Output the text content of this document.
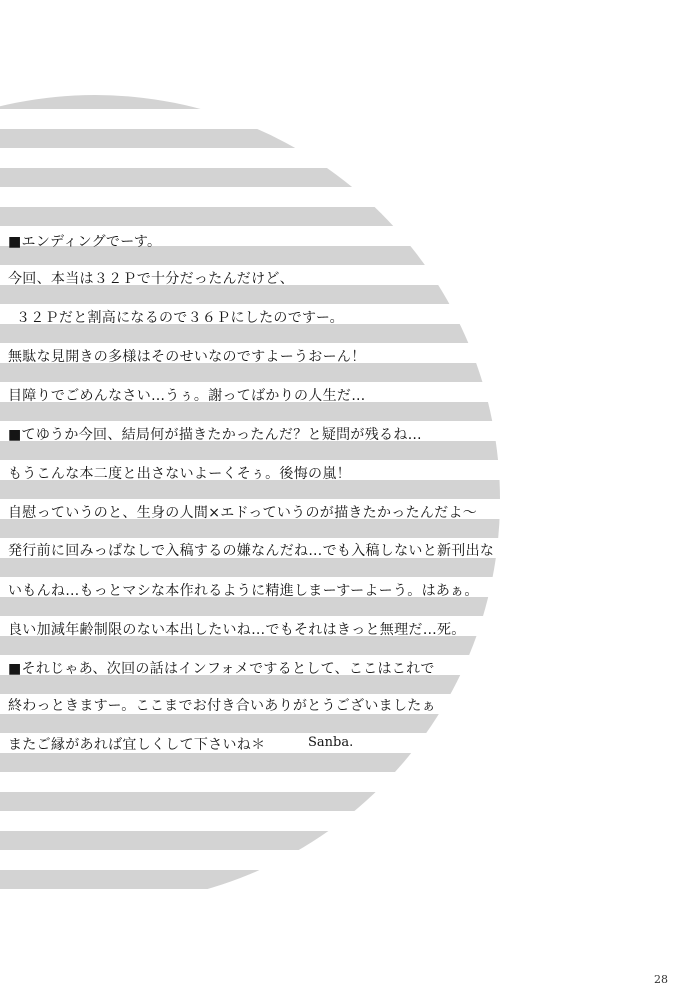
■エンディングでーす。
今回、本当は３２Ｐで十分だったんだけど、
３２Ｐだと割高になるので３６Ｐにしたのですー。
無駄な見開きの多様はそのせいなのですよーうおーん！
目障りでごめんなさい…うぅ。謝ってばかりの人生だ…
■てゆうか今回、結局何が描きたかったんだ？と疑問が残るね…
もうこんな本二度と出さないよーくそぅ。後悔の嵐！
自慰っていうのと、生身の人間×エドっていうのが描きたかったんだよ～
発行前に回みっぱなしで入稿するの嫌なんだね…でも入稿しないと新刊出な
いもんね…もっとマシな本作れるように精進しまーすーよーう。はあぁ。
良い加減年齢制限のない本出したいね…でもそれはきっと無理だ…死。
■それじゃあ、次回の話はインフォメでするとして、ここはこれで
終わっときますー。ここまでお付き合いありがとうございましたぁ
またご縁があれば宜しくして下さいね＊	Sanba.
28
